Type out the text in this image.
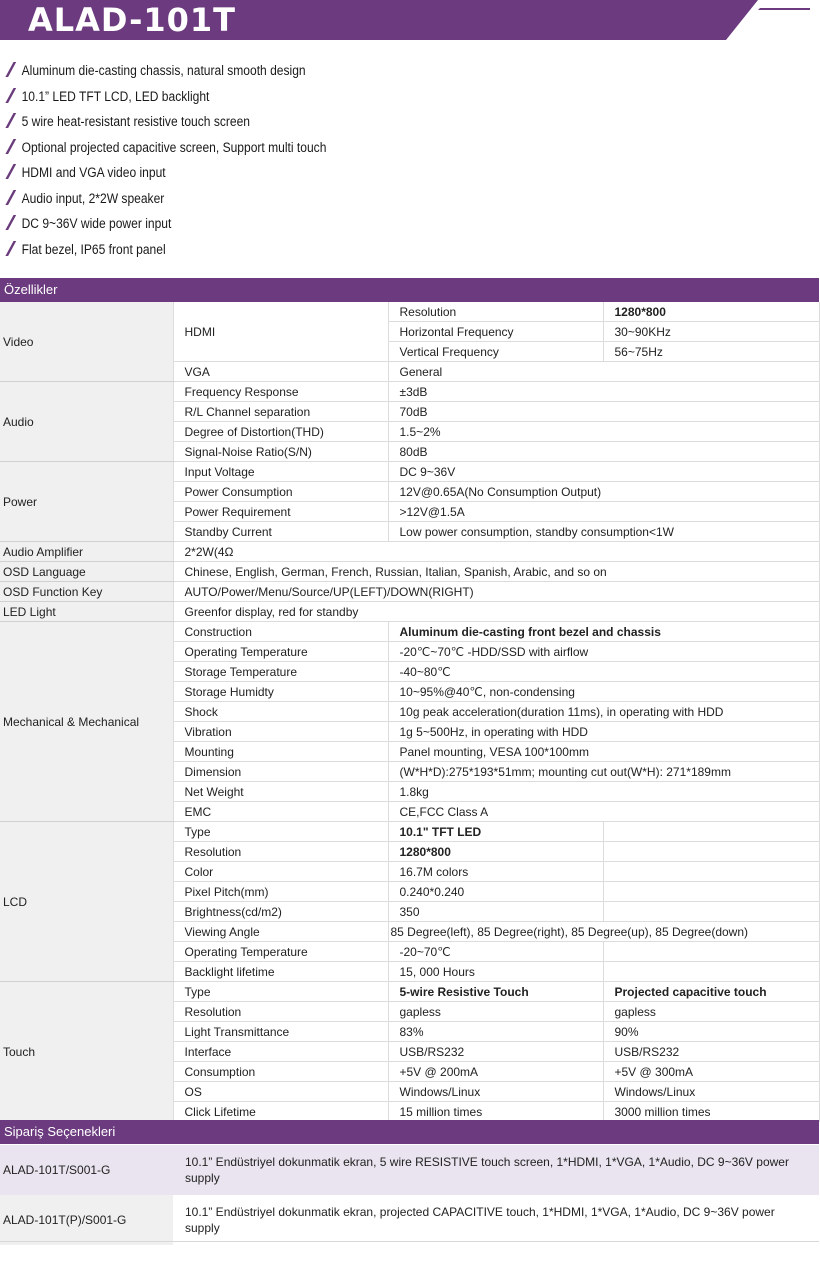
ALAD-101T
Aluminum die-casting chassis, natural smooth design
10.1” LED TFT LCD, LED backlight
5 wire heat-resistant resistive touch screen
Optional projected capacitive screen, Support multi touch
HDMI and VGA video input
Audio input, 2*2W speaker
DC 9~36V wide power input
Flat bezel, IP65 front panel
Özellikler
Video	HDMI	Resolution	1280*800
		Horizontal Frequency	30~90KHz
		Vertical Frequency	56~75Hz
	VGA	General	
Audio	Frequency Response	±3dB	
	R/L Channel separation	70dB	
	Degree of Distortion(THD)	1.5~2%	
	Signal-Noise Ratio(S/N)	80dB	
Power	Input Voltage	DC 9~36V	
	Power Consumption	12V@0.65A(No Consumption Output)	
	Power Requirement	>12V@1.5A	
	Standby Current	Low power consumption, standby consumption<1W	
Audio Amplifier	2*2W(4Ω		
OSD Language	Chinese, English, German, French, Russian, Italian, Spanish, Arabic, and so on		
OSD Function Key	AUTO/Power/Menu/Source/UP(LEFT)/DOWN(RIGHT)		
LED Light	Greenfor display, red for standby		
Mechanical & Mechanical	Construction	Aluminum die-casting front bezel and chassis	
	Operating Temperature	-20℃~70℃ -HDD/SSD with airflow	
	Storage Temperature	-40~80℃	
	Storage Humidty	10~95%@40℃, non-condensing	
	Shock	10g peak acceleration(duration 11ms), in operating with HDD	
	Vibration	1g 5~500Hz, in operating with HDD	
	Mounting	Panel mounting, VESA 100*100mm	
	Dimension	(W*H*D):275*193*51mm; mounting cut out(W*H): 271*189mm	
	Net Weight	1.8kg	
	EMC	CE,FCC Class A	
LCD	Type	10.1" TFT LED	
	Resolution	1280*800	
	Color	16.7M colors	
	Pixel Pitch(mm)	0.240*0.240	
	Brightness(cd/m2)	350	
	Viewing Angle	85 Degree(left), 85 Degree(right), 85 Degree(up), 85 Degree(down)	
	Operating Temperature	-20~70℃	
	Backlight lifetime	15, 000 Hours	
Touch	Type	5-wire Resistive Touch	Projected capacitive touch
	Resolution	gapless	gapless
	Light Transmittance	83%	90%
	Interface	USB/RS232	USB/RS232
	Consumption	+5V @ 200mA	+5V @ 300mA
	OS	Windows/Linux	Windows/Linux
	Click Lifetime	15 million times	3000 million times
Sipariş Seçenekleri
ALAD-101T/S001-G	10.1” Endüstriyel dokunmatik ekran, 5 wire RESISTIVE touch screen, 1*HDMI, 1*VGA, 1*Audio, DC 9~36V power supply
ALAD-101T(P)/S001-G	10.1” Endüstriyel dokunmatik ekran, projected CAPACITIVE touch, 1*HDMI, 1*VGA, 1*Audio, DC 9~36V power supply
